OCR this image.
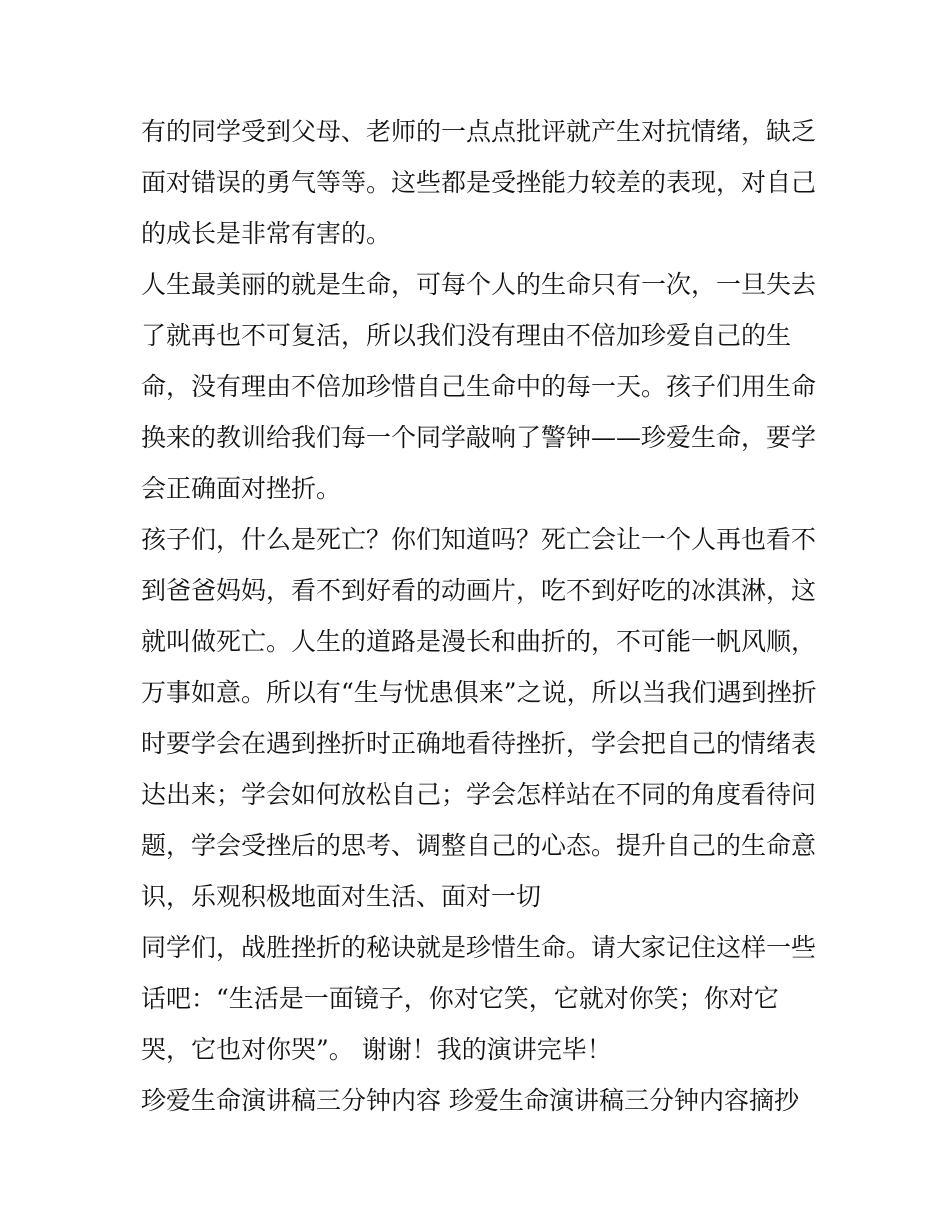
有的同学受到父母、老师的一点点批评就产生对抗情绪，缺乏
面对错误的勇气等等。这些都是受挫能力较差的表现，对自己
的成长是非常有害的。
人生最美丽的就是生命，可每个人的生命只有一次，一旦失去
了就再也不可复活，所以我们没有理由不倍加珍爱自己的生
命，没有理由不倍加珍惜自己生命中的每一天。孩子们用生命
换来的教训给我们每一个同学敲响了警钟——珍爱生命，要学
会正确面对挫折。
孩子们，什么是死亡？你们知道吗？死亡会让一个人再也看不
到爸爸妈妈，看不到好看的动画片，吃不到好吃的冰淇淋，这
就叫做死亡。人生的道路是漫长和曲折的，不可能一帆风顺，
万事如意。所以有“生与忧患俱来”之说，所以当我们遇到挫折
时要学会在遇到挫折时正确地看待挫折，学会把自己的情绪表
达出来；学会如何放松自己；学会怎样站在不同的角度看待问
题，学会受挫后的思考、调整自己的心态。提升自己的生命意
识，乐观积极地面对生活、面对一切
同学们，战胜挫折的秘诀就是珍惜生命。请大家记住这样一些
话吧：“生活是一面镜子，你对它笑，它就对你笑；你对它
哭，它也对你哭”。 谢谢！我的演讲完毕！
珍爱生命演讲稿三分钟内容 珍爱生命演讲稿三分钟内容摘抄
